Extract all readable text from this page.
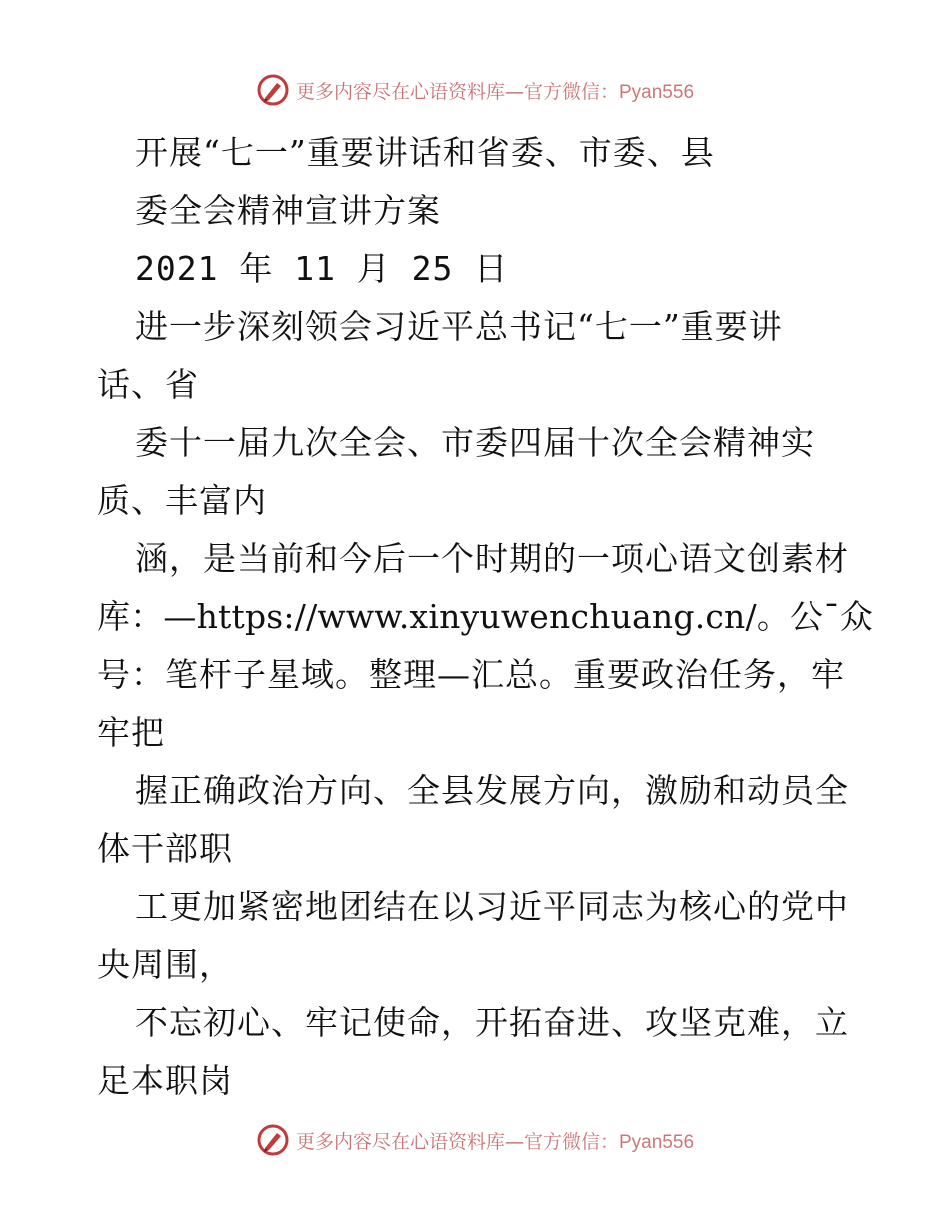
更多内容尽在心语资料库—官方微信：Pyan556
开展“七一”重要讲话和省委、市委、县
委全会精神宣讲方案
2021 年 11 月 25 日
进一步深刻领会习近平总书记“七一”重要讲
话、省
委十一届九次全会、市委四届十次全会精神实
质、丰富内
涵，是当前和今后一个时期的一项心语文创素材
库：—https://www.xinyuwenchuang.cn/。公¯众
号：笔杆子星域。整理—汇总。重要政治任务，牢
牢把
握正确政治方向、全县发展方向，激励和动员全
体干部职
工更加紧密地团结在以习近平同志为核心的党中
央周围，
不忘初心、牢记使命，开拓奋进、攻坚克难，立
足本职岗
更多内容尽在心语资料库—官方微信：Pyan556
